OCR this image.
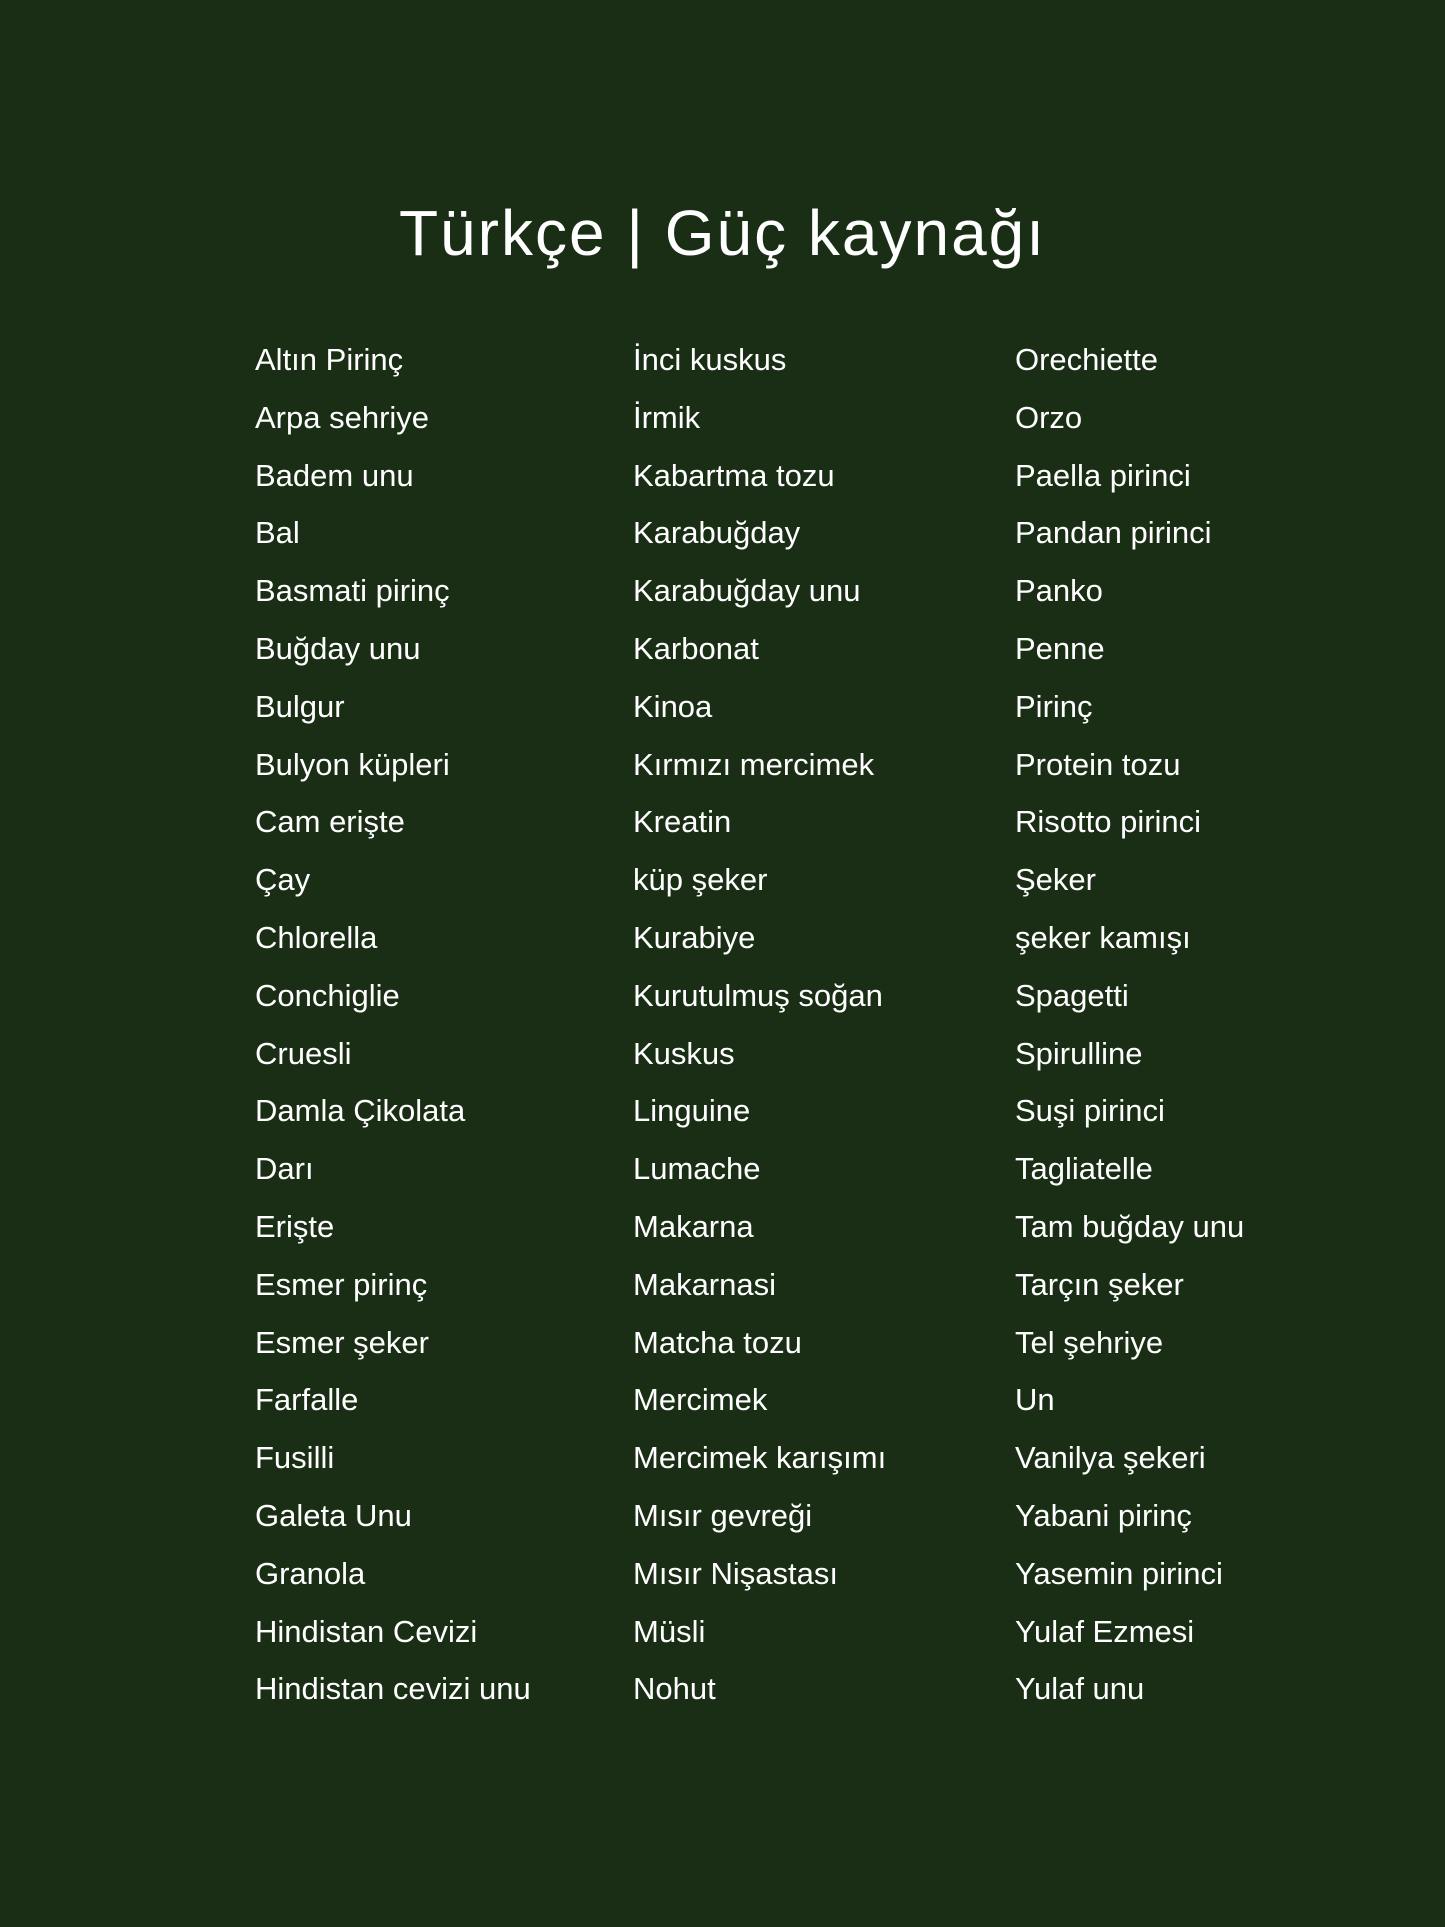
Türkçe | Güç kaynağı
Altın Pirinç
Arpa sehriye
Badem unu
Bal
Basmati pirinç
Buğday unu
Bulgur
Bulyon küpleri
Cam erişte
Çay
Chlorella
Conchiglie
Cruesli
Damla Çikolata
Darı
Erişte
Esmer pirinç
Esmer şeker
Farfalle
Fusilli
Galeta Unu
Granola
Hindistan Cevizi
Hindistan cevizi unu
İnci kuskus
İrmik
Kabartma tozu
Karabuğday
Karabuğday unu
Karbonat
Kinoa
Kırmızı mercimek
Kreatin
küp şeker
Kurabiye
Kurutulmuş soğan
Kuskus
Linguine
Lumache
Makarna
Makarnasi
Matcha tozu
Mercimek
Mercimek karışımı
Mısır gevreği
Mısır Nişastası
Müsli
Nohut
Orechiette
Orzo
Paella pirinci
Pandan pirinci
Panko
Penne
Pirinç
Protein tozu
Risotto pirinci
Şeker
şeker kamışı
Spagetti
Spirulline
Suşi pirinci
Tagliatelle
Tam buğday unu
Tarçın şeker
Tel şehriye
Un
Vanilya şekeri
Yabani pirinç
Yasemin pirinci
Yulaf Ezmesi
Yulaf unu
